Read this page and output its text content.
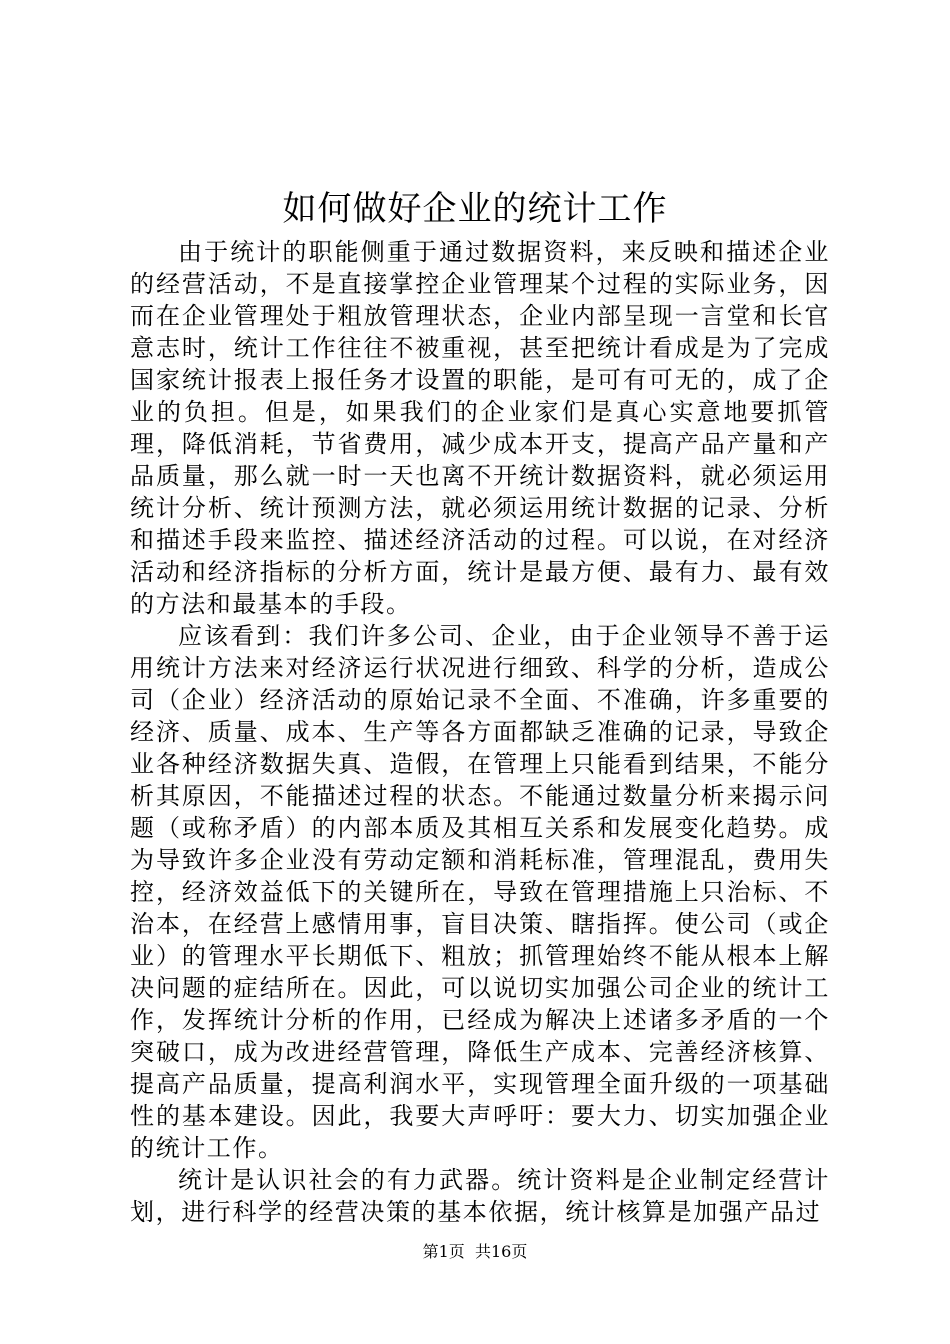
如何做好企业的统计工作

由于统计的职能侧重于通过数据资料，来反映和描述企业的经营活动，不是直接掌控企业管理某个过程的实际业务，因而在企业管理处于粗放管理状态，企业内部呈现一言堂和长官意志时，统计工作往往不被重视，甚至把统计看成是为了完成国家统计报表上报任务才设置的职能，是可有可无的，成了企业的负担。但是，如果我们的企业家们是真心实意地要抓管理，降低消耗，节省费用，减少成本开支，提高产品产量和产品质量，那么就一时一天也离不开统计数据资料，就必须运用统计分析、统计预测方法，就必须运用统计数据的记录、分析和描述手段来监控、描述经济活动的过程。可以说，在对经济活动和经济指标的分析方面，统计是最方便、最有力、最有效的方法和最基本的手段。

应该看到：我们许多公司、企业，由于企业领导不善于运用统计方法来对经济运行状况进行细致、科学的分析，造成公司（企业）经济活动的原始记录不全面、不准确，许多重要的经济、质量、成本、生产等各方面都缺乏准确的记录，导致企业各种经济数据失真、造假，在管理上只能看到结果，不能分析其原因，不能描述过程的状态。不能通过数量分析来揭示问题（或称矛盾）的内部本质及其相互关系和发展变化趋势。成为导致许多企业没有劳动定额和消耗标准，管理混乱，费用失控，经济效益低下的关键所在，导致在管理措施上只治标、不治本，在经营上感情用事，盲目决策、瞎指挥。使公司（或企业）的管理水平长期低下、粗放；抓管理始终不能从根本上解决问题的症结所在。因此，可以说切实加强公司企业的统计工作，发挥统计分析的作用，已经成为解决上述诸多矛盾的一个突破口，成为改进经营管理，降低生产成本、完善经济核算、提高产品质量，提高利润水平，实现管理全面升级的一项基础性的基本建设。因此，我要大声呼吁：要大力、切实加强企业的统计工作。

统计是认识社会的有力武器。统计资料是企业制定经营计划，进行科学的经营决策的基本依据，统计核算是加强产品过

第1页 共16页
